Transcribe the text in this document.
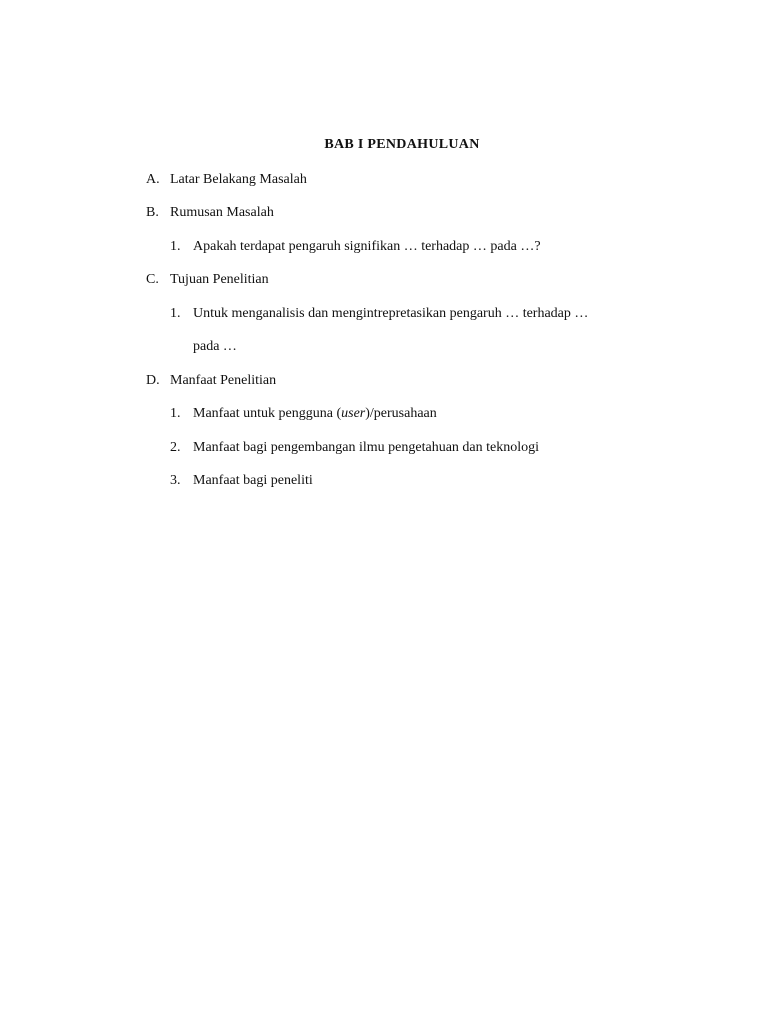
BAB I PENDAHULUAN
A. Latar Belakang Masalah
B. Rumusan Masalah
1. Apakah terdapat pengaruh signifikan … terhadap … pada …?
C. Tujuan Penelitian
1. Untuk menganalisis dan mengintrepretasikan pengaruh … terhadap …
pada …
D. Manfaat Penelitian
1. Manfaat untuk pengguna (user)/perusahaan
2. Manfaat bagi pengembangan ilmu pengetahuan dan teknologi
3. Manfaat bagi peneliti
